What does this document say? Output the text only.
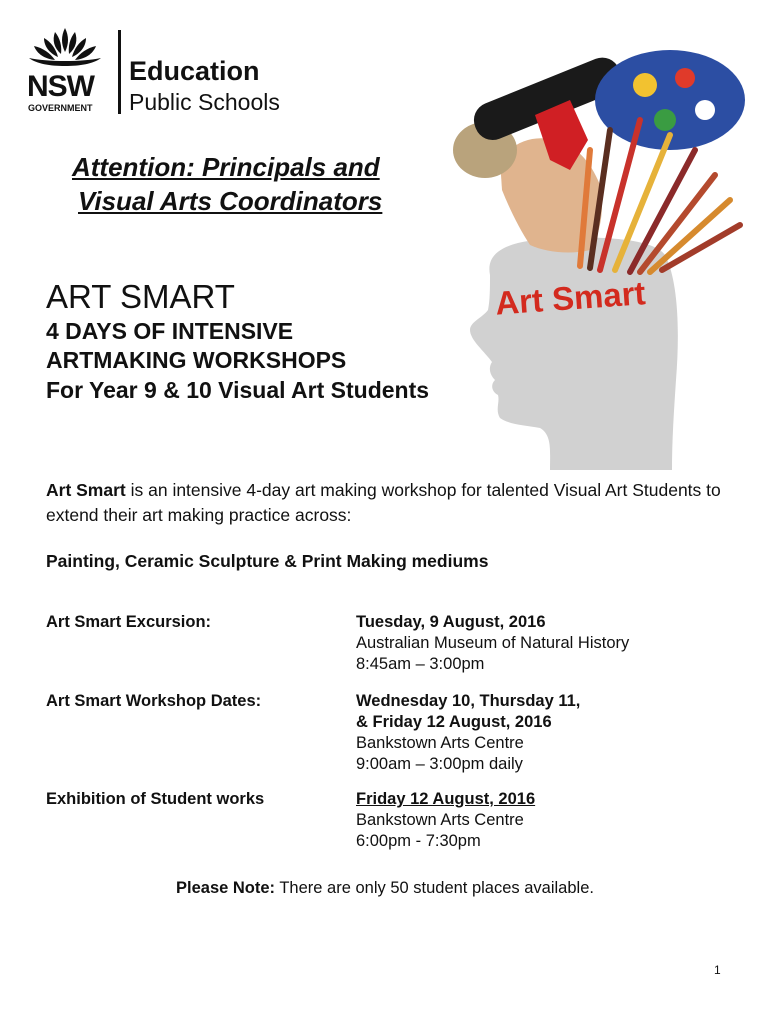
NSW
GOVERNMENT
Education
Public Schools
Attention: Principals and
Visual Arts Coordinators
ART SMART
4 DAYS OF INTENSIVE
ARTMAKING WORKSHOPS
For Year 9 & 10 Visual Art Students
Art Smart
Art Smart is an intensive 4-day art making workshop for talented Visual Art Students to extend their art making practice across:
Painting, Ceramic Sculpture & Print Making mediums
Art Smart Excursion:	Tuesday, 9 August, 2016
Australian Museum of Natural History
8:45am – 3:00pm
Art Smart Workshop Dates:	Wednesday 10, Thursday 11,
& Friday 12 August, 2016
Bankstown Arts Centre
9:00am – 3:00pm daily
Exhibition of Student works	Friday 12 August, 2016
Bankstown Arts Centre
6:00pm - 7:30pm
Please Note: There are only 50 student places available.
1
